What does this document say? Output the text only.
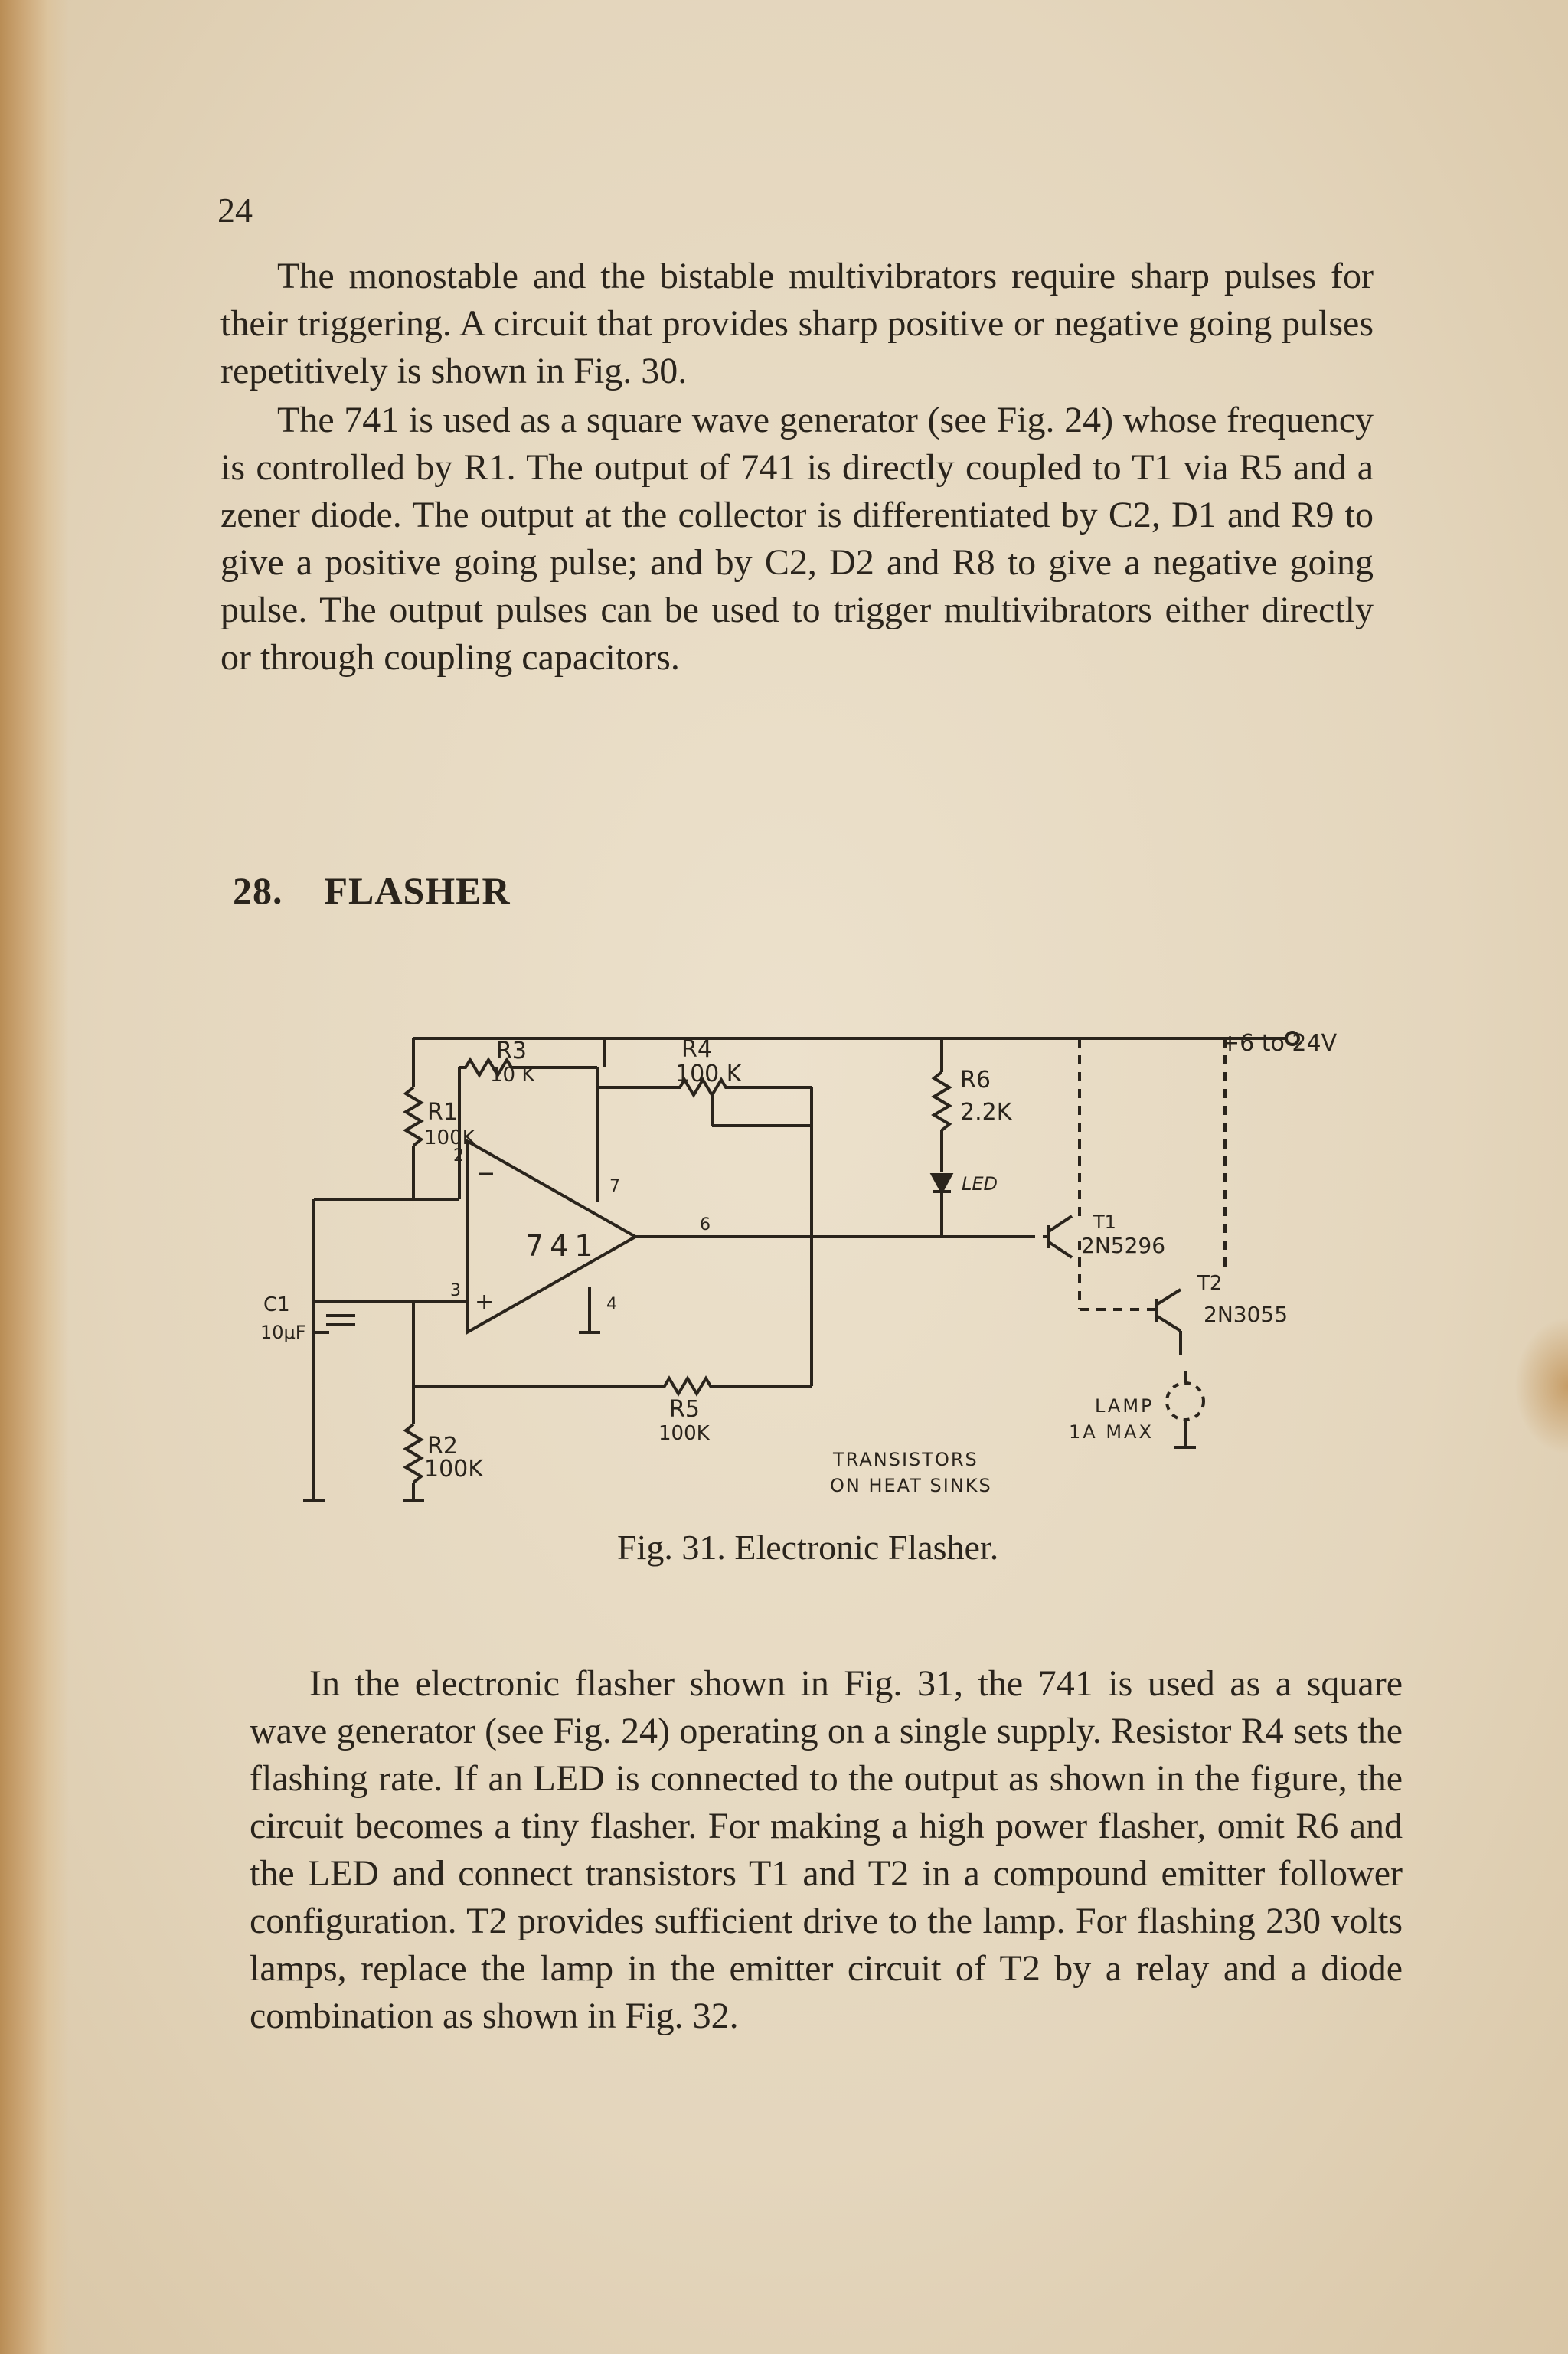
24

The monostable and the bistable multivibrators require sharp pulses for their triggering. A circuit that provides sharp positive or negative going pulses repetitively is shown in Fig. 30.

The 741 is used as a square wave generator (see Fig. 24) whose frequency is controlled by R1. The output of 741 is directly coupled to T1 via R5 and a zener diode. The output at the collector is differentiated by C2, D1 and R9 to give a positive going pulse; and by C2, D2 and R8 to give a negative going pulse. The output pulses can be used to trigger multivibrators either directly or through coupling capacitors.

28. FLASHER
R3
10 K
R4
100 K
R1
100K
R2
100K
R5
100K
R6
2.2K
C1
10μF
741
2
3
4
6
7
−
+
LED
T1
2N5296
T2
2N3055
+6 to 24V
LAMP
1A MAX
TRANSISTORS
ON HEAT SINKS
Fig. 31. Electronic Flasher.

In the electronic flasher shown in Fig. 31, the 741 is used as a square wave generator (see Fig. 24) operating on a single supply. Resistor R4 sets the flashing rate. If an LED is connected to the output as shown in the figure, the circuit becomes a tiny flasher. For making a high power flasher, omit R6 and the LED and connect transistors T1 and T2 in a compound emitter follower configuration. T2 provides sufficient drive to the lamp. For flashing 230 volts lamps, replace the lamp in the emitter circuit of T2 by a relay and a diode combination as shown in Fig. 32.
